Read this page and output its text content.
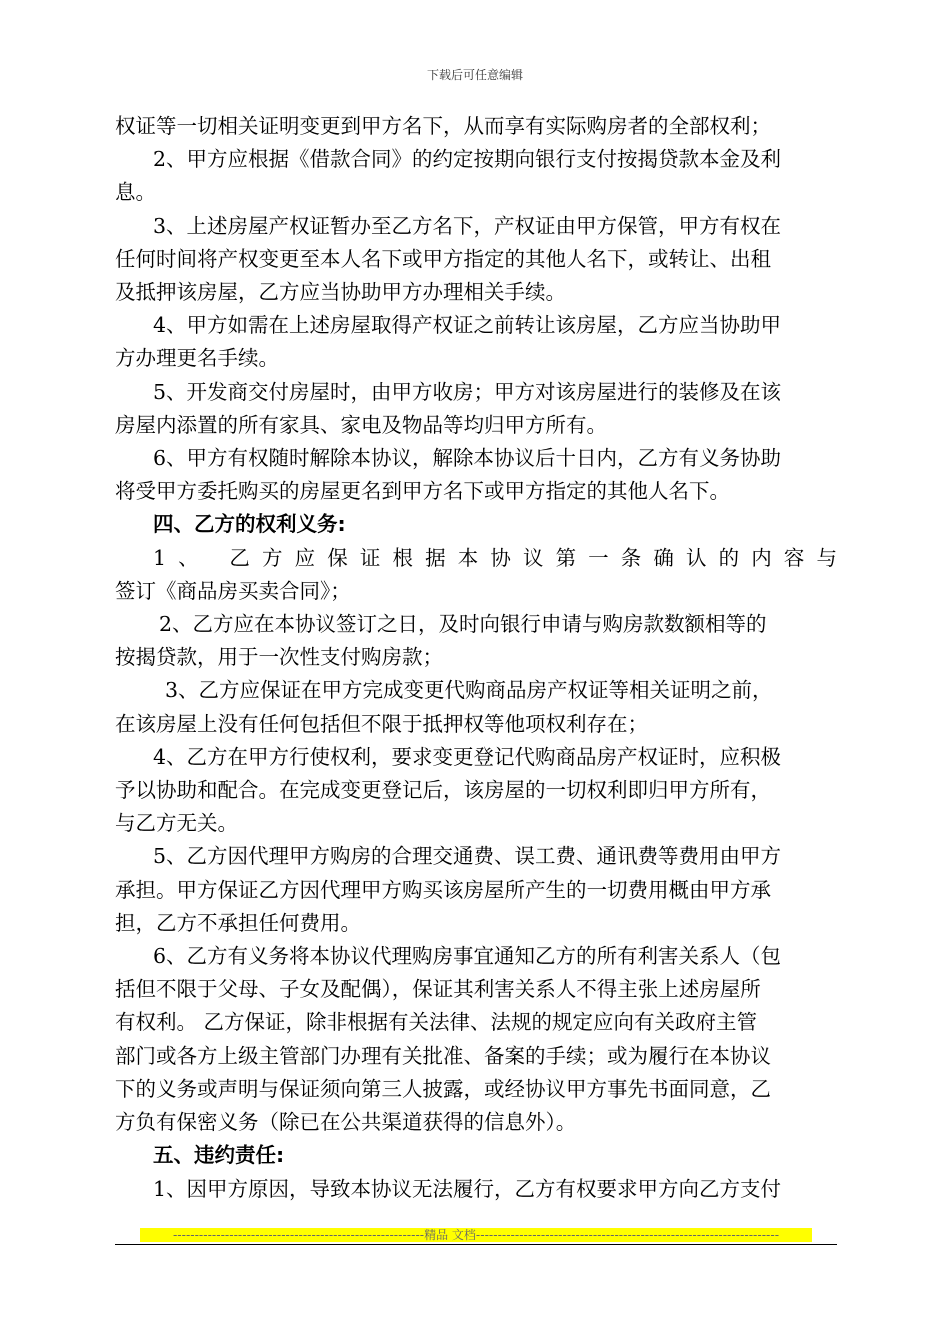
下载后可任意编辑

权证等一切相关证明变更到甲方名下，从而享有实际购房者的全部权利；

2、甲方应根据《借款合同》的约定按期向银行支付按揭贷款本金及利

息。

3、上述房屋产权证暂办至乙方名下，产权证由甲方保管，甲方有权在

任何时间将产权变更至本人名下或甲方指定的其他人名下，或转让、出租

及抵押该房屋，乙方应当协助甲方办理相关手续。

4、甲方如需在上述房屋取得产权证之前转让该房屋，乙方应当协助甲

方办理更名手续。

5、开发商交付房屋时，由甲方收房；甲方对该房屋进行的装修及在该

房屋内添置的所有家具、家电及物品等均归甲方所有。

6、甲方有权随时解除本协议，解除本协议后十日内，乙方有义务协助

将受甲方委托购买的房屋更名到甲方名下或甲方指定的其他人名下。

四、乙方的权利义务:

1、 乙方应保证根据本协议第一条确认的内容与

签订《商品房买卖合同》；

2、乙方应在本协议签订之日，及时向银行申请与购房款数额相等的

按揭贷款，用于一次性支付购房款；

3、乙方应保证在甲方完成变更代购商品房产权证等相关证明之前，

在该房屋上没有任何包括但不限于抵押权等他项权利存在；

4、乙方在甲方行使权利，要求变更登记代购商品房产权证时，应积极

予以协助和配合。在完成变更登记后，该房屋的一切权利即归甲方所有，

与乙方无关。

5、乙方因代理甲方购房的合理交通费、误工费、通讯费等费用由甲方

承担。甲方保证乙方因代理甲方购买该房屋所产生的一切费用概由甲方承

担，乙方不承担任何费用。

6、乙方有义务将本协议代理购房事宜通知乙方的所有利害关系人（包

括但不限于父母、子女及配偶），保证其利害关系人不得主张上述房屋所

有权利。 乙方保证，除非根据有关法律、法规的规定应向有关政府主管

部门或各方上级主管部门办理有关批准、备案的手续；或为履行在本协议

下的义务或声明与保证须向第三人披露，或经协议甲方事先书面同意，乙

方负有保密义务（除已在公共渠道获得的信息外）。

五、违约责任:

1、因甲方原因，导致本协议无法履行，乙方有权要求甲方向乙方支付

----------------------------------------------------------精品 文档----------------------------------------------------------------------
